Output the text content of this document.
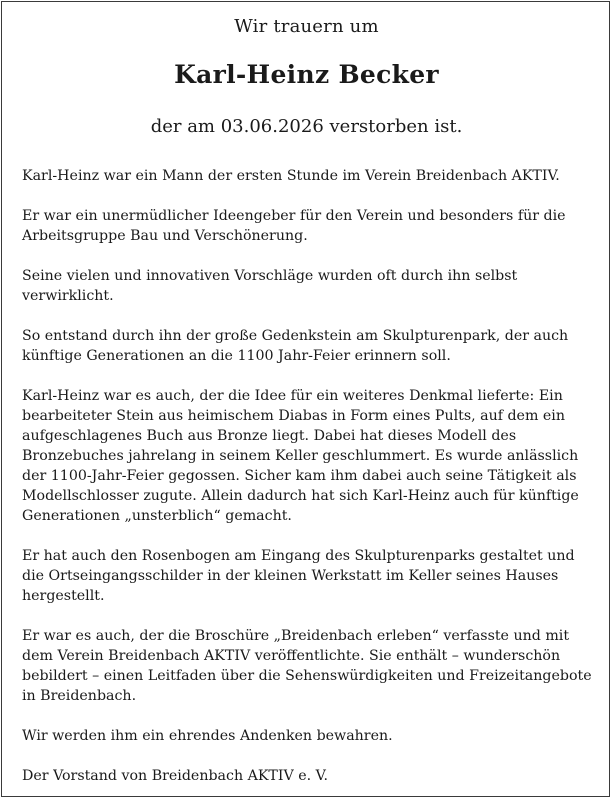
Wir trauern um
Karl-Heinz Becker
der am 03.06.2026 verstorben ist.

Karl-Heinz war ein Mann der ersten Stunde im Verein Breidenbach AKTIV.

Er war ein unermüdlicher Ideengeber für den Verein und besonders für die Arbeitsgruppe Bau und Verschönerung.

Seine vielen und innovativen Vorschläge wurden oft durch ihn selbst verwirklicht.

So entstand durch ihn der große Gedenkstein am Skulpturenpark, der auch künftige Generationen an die 1100 Jahr-Feier erinnern soll.

Karl-Heinz war es auch, der die Idee für ein weiteres Denkmal lieferte: Ein bearbeiteter Stein aus heimischem Diabas in Form eines Pults, auf dem ein aufgeschlagenes Buch aus Bronze liegt. Dabei hat dieses Modell des Bronzebuches jahrelang in seinem Keller geschlummert. Es wurde anlässlich der 1100-Jahr-Feier gegossen. Sicher kam ihm dabei auch seine Tätigkeit als Modellschlosser zugute. Allein dadurch hat sich Karl-Heinz auch für künftige Generationen „unsterblich“ gemacht.

Er hat auch den Rosenbogen am Eingang des Skulpturenparks gestaltet und die Ortseingangsschilder in der kleinen Werkstatt im Keller seines Hauses hergestellt.

Er war es auch, der die Broschüre „Breidenbach erleben“ verfasste und mit dem Verein Breidenbach AKTIV veröffentlichte. Sie enthält – wunderschön bebildert – einen Leitfaden über die Sehenswürdigkeiten und Freizeitangebote in Breidenbach.

Wir werden ihm ein ehrendes Andenken bewahren.

Der Vorstand von Breidenbach AKTIV e. V.
